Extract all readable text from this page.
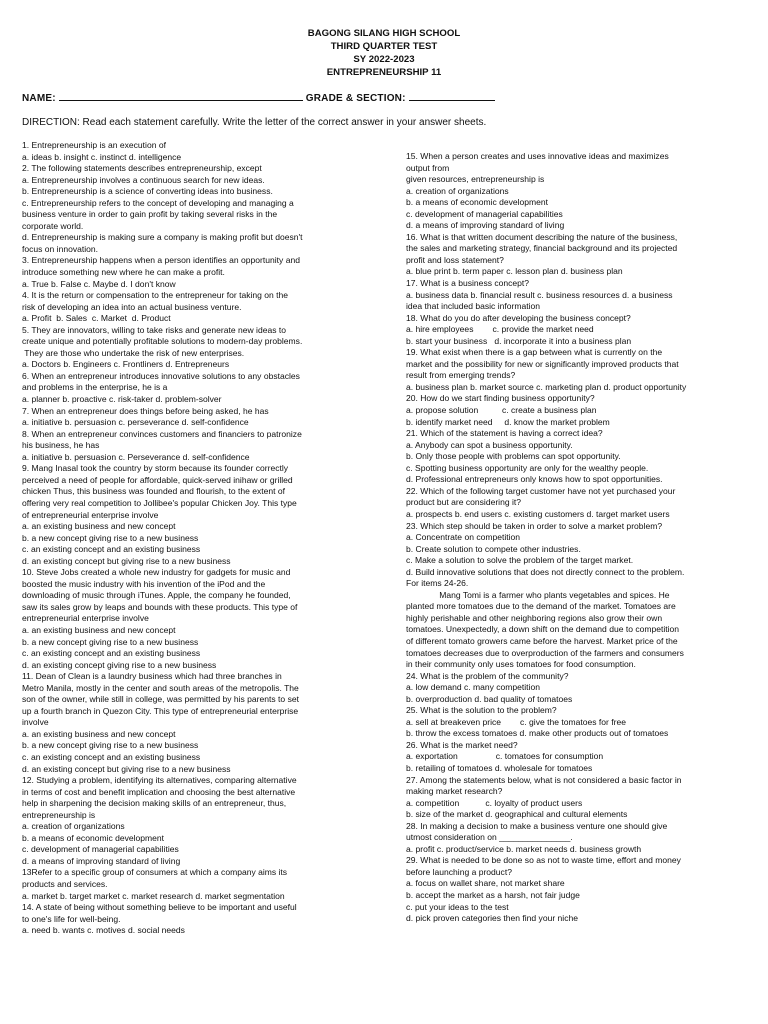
BAGONG SILANG HIGH SCHOOL
THIRD QUARTER TEST
SY 2022-2023
ENTREPRENEURSHIP 11
NAME:	GRADE & SECTION:
DIRECTION: Read each statement carefully. Write the letter of the correct answer in your answer sheets.
1. Entrepreneurship is an execution of
a. ideas b. insight c. instinct d. intelligence
2. The following statements describes entrepreneurship, except
a. Entrepreneurship involves a continuous search for new ideas.
b. Entrepreneurship is a science of converting ideas into business.
c. Entrepreneurship refers to the concept of developing and managing a
business venture in order to gain profit by taking several risks in the
corporate world.
d. Entrepreneurship is making sure a company is making profit but doesn't
focus on innovation.
3. Entrepreneurship happens when a person identifies an opportunity and
introduce something new where he can make a profit.
a. True b. False c. Maybe d. I don't know
4. It is the return or compensation to the entrepreneur for taking on the
risk of developing an idea into an actual business venture.
a. Profit  b. Sales  c. Market  d. Product
5. They are innovators, willing to take risks and generate new ideas to
create unique and potentially profitable solutions to modern-day problems.
They are those who undertake the risk of new enterprises.
a. Doctors b. Engineers c. Frontliners d. Entrepreneurs
6. When an entrepreneur introduces innovative solutions to any obstacles
and problems in the enterprise, he is a
a. planner b. proactive c. risk-taker d. problem-solver
7. When an entrepreneur does things before being asked, he has
a. initiative b. persuasion c. perseverance d. self-confidence
8. When an entrepreneur convinces customers and financiers to patronize
his business, he has
a. initiative b. persuasion c. Perseverance d. self-confidence
9. Mang Inasal took the country by storm because its founder correctly
perceived a need of people for affordable, quick-served inihaw or grilled
chicken Thus, this business was founded and flourish, to the extent of
offering very real competition to Jollibee's popular Chicken Joy. This type
of entrepreneurial enterprise involve
a. an existing business and new concept
b. a new concept giving rise to a new business
c. an existing concept and an existing business
d. an existing concept but giving rise to a new business
10. Steve Jobs created a whole new industry for gadgets for music and
boosted the music industry with his invention of the iPod and the
downloading of music through iTunes. Apple, the company he founded,
saw its sales grow by leaps and bounds with these products. This type of
entrepreneurial enterprise involve
a. an existing business and new concept
b. a new concept giving rise to a new business
c. an existing concept and an existing business
d. an existing concept giving rise to a new business
11. Dean of Clean is a laundry business which had three branches in
Metro Manila, mostly in the center and south areas of the metropolis. The
son of the owner, while still in college, was permitted by his parents to set
up a fourth branch in Quezon City. This type of entrepreneurial enterprise
involve
a. an existing business and new concept
b. a new concept giving rise to a new business
c. an existing concept and an existing business
d. an existing concept but giving rise to a new business
12. Studying a problem, identifying its alternatives, comparing alternative
in terms of cost and benefit implication and choosing the best alternative
help in sharpening the decision making skills of an entrepreneur, thus,
entrepreneurship is
a. creation of organizations
b. a means of economic development
c. development of managerial capabilities
d. a means of improving standard of living
13Refer to a specific group of consumers at which a company aims its
products and services.
a. market b. target market c. market research d. market segmentation
14. A state of being without something believe to be important and useful
to one's life for well-being.
a. need b. wants c. motives d. social needs
15. When a person creates and uses innovative ideas and maximizes
output from
given resources, entrepreneurship is
a. creation of organizations
b. a means of economic development
c. development of managerial capabilities
d. a means of improving standard of living
16. What is that written document describing the nature of the business,
the sales and marketing strategy, financial background and its projected
profit and loss statement?
a. blue print b. term paper c. lesson plan d. business plan
17. What is a business concept?
a. business data b. financial result c. business resources d. a business
idea that included basic information
18. What do you do after developing the business concept?
a. hire employees        c. provide the market need
b. start your business   d. incorporate it into a business plan
19. What exist when there is a gap between what is currently on the
market and the possibility for new or significantly improved products that
result from emerging trends?
a. business plan b. market source c. marketing plan d. product opportunity
20. How do we start finding business opportunity?
a. propose solution          c. create a business plan
b. identify market need     d. know the market problem
21. Which of the statement is having a correct idea?
a. Anybody can spot a business opportunity.
b. Only those people with problems can spot opportunity.
c. Spotting business opportunity are only for the wealthy people.
d. Professional entrepreneurs only knows how to spot opportunities.
22. Which of the following target customer have not yet purchased your
product but are considering it?
a. prospects b. end users c. existing customers d. target market users
23. Which step should be taken in order to solve a market problem?
a. Concentrate on competition
b. Create solution to compete other industries.
c. Make a solution to solve the problem of the target market.
d. Build innovative solutions that does not directly connect to the problem.
For items 24-26.
Mang Tomi is a farmer who plants vegetables and spices. He
planted more tomatoes due to the demand of the market. Tomatoes are
highly perishable and other neighboring regions also grow their own
tomatoes. Unexpectedly, a down shift on the demand due to competition
of different tomato growers came before the harvest. Market price of the
tomatoes decreases due to overproduction of the farmers and consumers
in their community only uses tomatoes for food consumption.
24. What is the problem of the community?
a. low demand c. many competition
b. overproduction d. bad quality of tomatoes
25. What is the solution to the problem?
a. sell at breakeven price        c. give the tomatoes for free
b. throw the excess tomatoes d. make other products out of tomatoes
26. What is the market need?
a. exportation                c. tomatoes for consumption
b. retailing of tomatoes d. wholesale for tomatoes
27. Among the statements below, what is not considered a basic factor in
making market research?
a. competition           c. loyalty of product users
b. size of the market d. geographical and cultural elements
28. In making a decision to make a business venture one should give
utmost consideration on _______________.
a. profit c. product/service b. market needs d. business growth
29. What is needed to be done so as not to waste time, effort and money
before launching a product?
a. focus on wallet share, not market share
b. accept the market as a harsh, not fair judge
c. put your ideas to the test
d. pick proven categories then find your niche
